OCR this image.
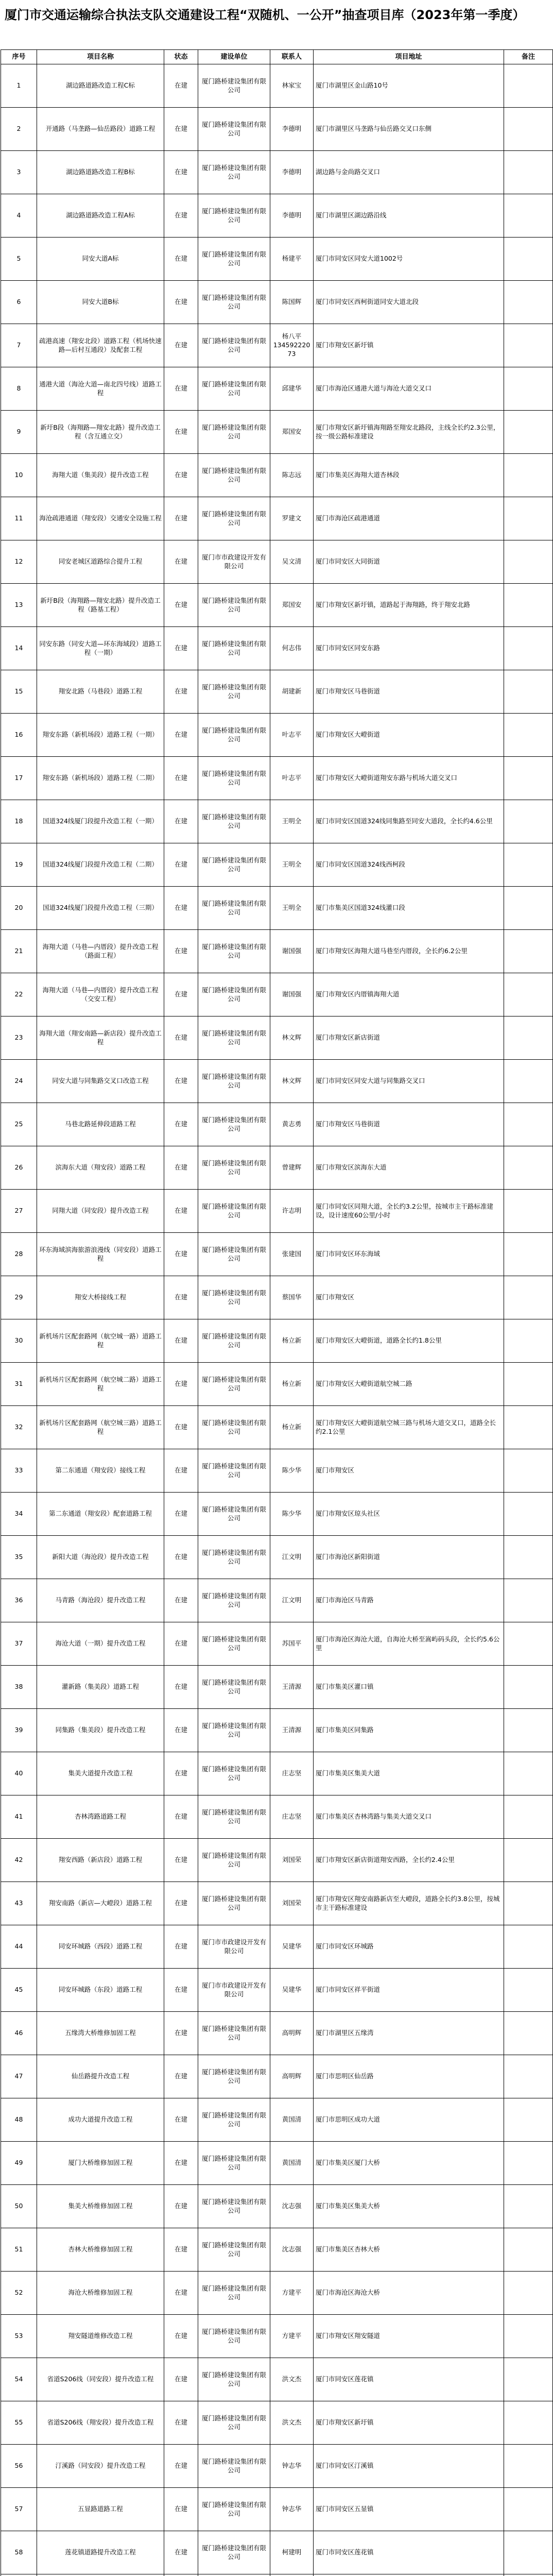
厦门市交通运输综合执法支队交通建设工程“双随机、一公开”抽查项目库（2023年第一季度）
序号	项目名称	状态	建设单位	联系人	项目地址	备注

1	湖边路道路改造工程C标	在建	厦门路桥建设集团有限公司	林家宝	厦门市湖里区金山路10号	

2	开通路（马垄路—仙岳路段）道路工程	在建	厦门路桥建设集团有限公司	李德明	厦门市湖里区马垄路与仙岳路交叉口东侧	

3	湖边路道路改造工程B标	在建	厦门路桥建设集团有限公司	李德明	湖边路与金尚路交叉口	

4	湖边路道路改造工程A标	在建	厦门路桥建设集团有限公司	李德明	厦门市湖里区湖边路沿线	

5	同安大道A标	在建	厦门路桥建设集团有限公司	杨建平	厦门市同安区同安大道1002号	

6	同安大道B标	在建	厦门路桥建设集团有限公司	陈国辉	厦门市同安区西柯街道同安大道北段	

7	疏港高速（翔安北段）道路工程（机场快速路—后村互通段）及配套工程	在建	厦门路桥建设集团有限公司	杨八平
13459222073	厦门市翔安区新圩镇	

8	通港大道（海沧大道—南北四号线）道路工程	在建	厦门路桥建设集团有限公司	邱建华	厦门市海沧区通港大道与海沧大道交叉口	

9	新圩B段（海翔路—翔安北路）提升改造工程（含互通立交）	在建	厦门路桥建设集团有限公司	郑国安	厦门市翔安区新圩镇海翔路至翔安北路段，主线全长约2.3公里，按一级公路标准建设	

10	海翔大道（集美段）提升改造工程	在建	厦门路桥建设集团有限公司	陈志远	厦门市集美区海翔大道杏林段	

11	海沧疏港通道（翔安段）交通安全设施工程	在建	厦门路桥建设集团有限公司	罗建文	厦门市海沧区疏港通道	

12	同安老城区道路综合提升工程	在建	厦门市市政建设开发有限公司	吴文清	厦门市同安区大同街道	

13	新圩B段（海翔路—翔安北路）提升改造工程（路基工程）	在建	厦门路桥建设集团有限公司	郑国安	厦门市翔安区新圩镇，道路起于海翔路，终于翔安北路	

14	同安东路（同安大道—环东海域段）道路工程（一期）	在建	厦门路桥建设集团有限公司	何志伟	厦门市同安区同安东路	

15	翔安北路（马巷段）道路工程	在建	厦门路桥建设集团有限公司	胡建新	厦门市翔安区马巷街道	

16	翔安东路（新机场段）道路工程（一期）	在建	厦门路桥建设集团有限公司	叶志平	厦门市翔安区大嶝街道	

17	翔安东路（新机场段）道路工程（二期）	在建	厦门路桥建设集团有限公司	叶志平	厦门市翔安区大嶝街道翔安东路与机场大道交叉口	

18	国道324线厦门段提升改造工程（一期）	在建	厦门路桥建设集团有限公司	王明全	厦门市同安区国道324线同集路至同安大道段，全长约4.6公里	

19	国道324线厦门段提升改造工程（二期）	在建	厦门路桥建设集团有限公司	王明全	厦门市同安区国道324线西柯段	

20	国道324线厦门段提升改造工程（三期）	在建	厦门路桥建设集团有限公司	王明全	厦门市集美区国道324线灌口段	

21	海翔大道（马巷—内厝段）提升改造工程（路面工程）	在建	厦门路桥建设集团有限公司	谢国强	厦门市翔安区海翔大道马巷至内厝段，全长约6.2公里	

22	海翔大道（马巷—内厝段）提升改造工程（交安工程）	在建	厦门路桥建设集团有限公司	谢国强	厦门市翔安区内厝镇海翔大道	

23	海翔大道（翔安南路—新店段）提升改造工程	在建	厦门路桥建设集团有限公司	林文辉	厦门市翔安区新店街道	

24	同安大道与同集路交叉口改造工程	在建	厦门路桥建设集团有限公司	林文辉	厦门市同安区同安大道与同集路交叉口	

25	马巷北路延伸段道路工程	在建	厦门路桥建设集团有限公司	黄志勇	厦门市翔安区马巷街道	

26	滨海东大道（翔安段）道路工程	在建	厦门路桥建设集团有限公司	曾建辉	厦门市翔安区滨海东大道	

27	同翔大道（同安段）提升改造工程	在建	厦门路桥建设集团有限公司	许志明	厦门市同安区同翔大道，全长约3.2公里，按城市主干路标准建设，设计速度60公里/小时	

28	环东海域滨海旅游浪漫线（同安段）道路工程	在建	厦门路桥建设集团有限公司	张建国	厦门市同安区环东海域	

29	翔安大桥接线工程	在建	厦门路桥建设集团有限公司	蔡国华	厦门市翔安区	

30	新机场片区配套路网（航空城一路）道路工程	在建	厦门路桥建设集团有限公司	杨立新	厦门市翔安区大嶝街道，道路全长约1.8公里	

31	新机场片区配套路网（航空城二路）道路工程	在建	厦门路桥建设集团有限公司	杨立新	厦门市翔安区大嶝街道航空城二路	

32	新机场片区配套路网（航空城三路）道路工程	在建	厦门路桥建设集团有限公司	杨立新	厦门市翔安区大嶝街道航空城三路与机场大道交叉口，道路全长约2.1公里	

33	第二东通道（翔安段）接线工程	在建	厦门路桥建设集团有限公司	陈少华	厦门市翔安区	

34	第二东通道（翔安段）配套道路工程	在建	厦门路桥建设集团有限公司	陈少华	厦门市翔安区琼头社区	

35	新阳大道（海沧段）提升改造工程	在建	厦门路桥建设集团有限公司	江文明	厦门市海沧区新阳街道	

36	马青路（海沧段）提升改造工程	在建	厦门路桥建设集团有限公司	江文明	厦门市海沧区马青路	

37	海沧大道（一期）提升改造工程	在建	厦门路桥建设集团有限公司	苏国平	厦门市海沧区海沧大道，自海沧大桥至嵩屿码头段，全长约5.6公里	

38	灌新路（集美段）道路工程	在建	厦门路桥建设集团有限公司	王清源	厦门市集美区灌口镇	

39	同集路（集美段）提升改造工程	在建	厦门路桥建设集团有限公司	王清源	厦门市集美区同集路	

40	集美大道提升改造工程	在建	厦门路桥建设集团有限公司	庄志坚	厦门市集美区集美大道	

41	杏林湾路道路工程	在建	厦门路桥建设集团有限公司	庄志坚	厦门市集美区杏林湾路与集美大道交叉口	

42	翔安西路（新店段）道路工程	在建	厦门路桥建设集团有限公司	刘国荣	厦门市翔安区新店街道翔安西路，全长约2.4公里	

43	翔安南路（新店—大嶝段）道路工程	在建	厦门路桥建设集团有限公司	刘国荣	厦门市翔安区翔安南路新店至大嶝段，道路全长约3.8公里，按城市主干路标准建设	

44	同安环城路（西段）道路工程	在建	厦门市市政建设开发有限公司	吴建华	厦门市同安区环城路	

45	同安环城路（东段）道路工程	在建	厦门市市政建设开发有限公司	吴建华	厦门市同安区祥平街道	

46	五缘湾大桥维修加固工程	在建	厦门路桥建设集团有限公司	高明辉	厦门市湖里区五缘湾	

47	仙岳路提升改造工程	在建	厦门路桥建设集团有限公司	高明辉	厦门市思明区仙岳路	

48	成功大道提升改造工程	在建	厦门路桥建设集团有限公司	黄国清	厦门市思明区成功大道	

49	厦门大桥维修加固工程	在建	厦门路桥建设集团有限公司	黄国清	厦门市集美区厦门大桥	

50	集美大桥维修加固工程	在建	厦门路桥建设集团有限公司	沈志强	厦门市集美区集美大桥	

51	杏林大桥维修加固工程	在建	厦门路桥建设集团有限公司	沈志强	厦门市集美区杏林大桥	

52	海沧大桥维修加固工程	在建	厦门路桥建设集团有限公司	方建平	厦门市海沧区海沧大桥	

53	翔安隧道维修改造工程	在建	厦门路桥建设集团有限公司	方建平	厦门市翔安区翔安隧道	

54	省道S206线（同安段）提升改造工程	在建	厦门路桥建设集团有限公司	洪文杰	厦门市同安区莲花镇	

55	省道S206线（翔安段）提升改造工程	在建	厦门路桥建设集团有限公司	洪文杰	厦门市翔安区新圩镇	

56	汀溪路（同安段）提升改造工程	在建	厦门路桥建设集团有限公司	钟志华	厦门市同安区汀溪镇	

57	五显路道路工程	在建	厦门路桥建设集团有限公司	钟志华	厦门市同安区五显镇	

58	莲花镇道路提升改造工程	在建	厦门路桥建设集团有限公司	柯建明	厦门市同安区莲花镇	
